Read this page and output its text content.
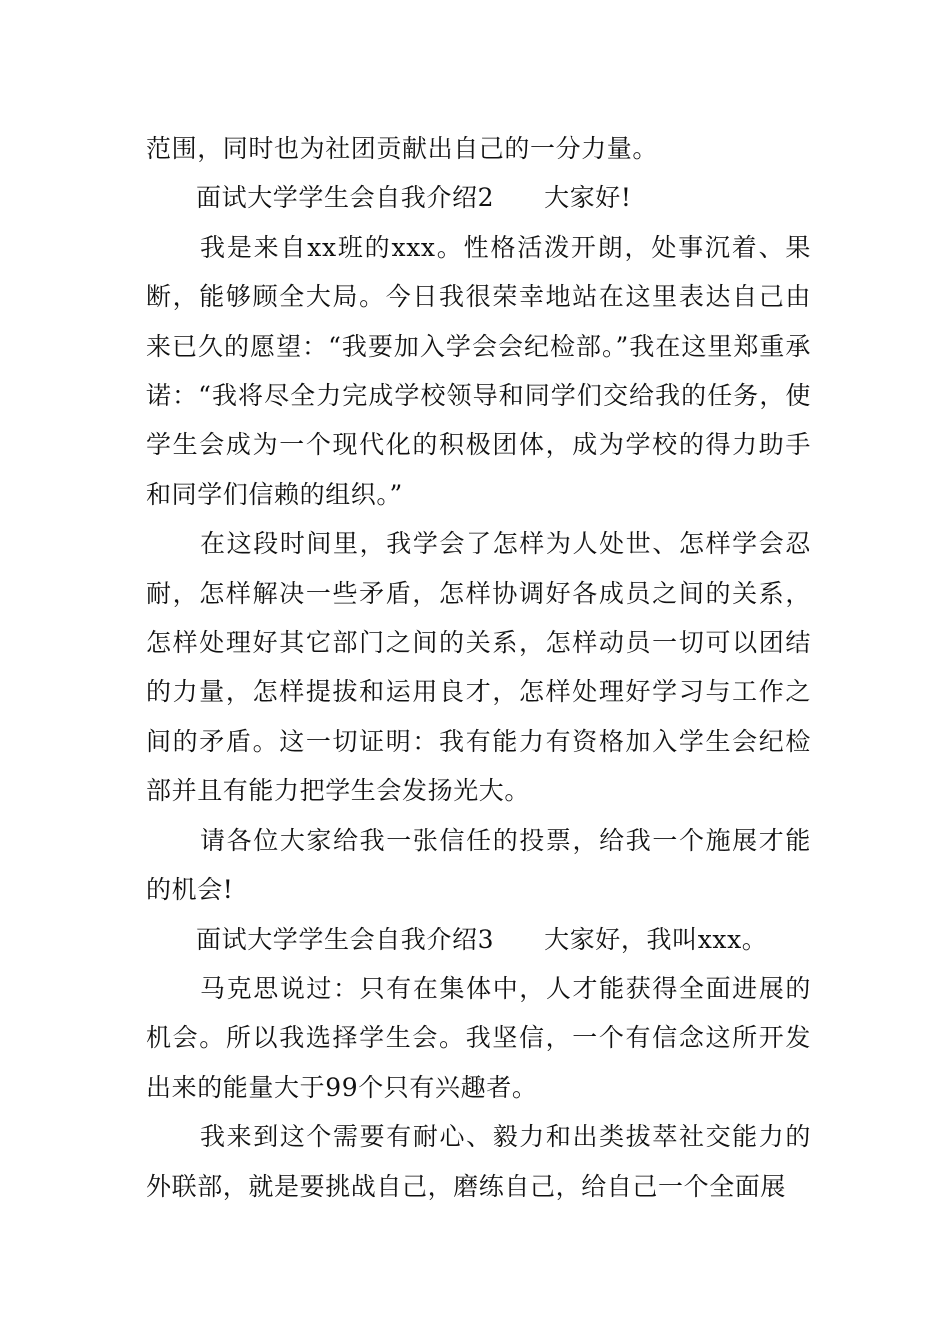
范围，同时也为社团贡献出自己的一分力量。

面试大学学生会自我介绍2 大家好!

我是来自xx班的xxx。性格活泼开朗，处事沉着、果断，能够顾全大局。今日我很荣幸地站在这里表达自己由来已久的愿望：“我要加入学会会纪检部。”我在这里郑重承诺：“我将尽全力完成学校领导和同学们交给我的任务，使学生会成为一个现代化的积极团体，成为学校的得力助手和同学们信赖的组织。”

在这段时间里，我学会了怎样为人处世、怎样学会忍耐，怎样解决一些矛盾，怎样协调好各成员之间的关系，怎样处理好其它部门之间的关系，怎样动员一切可以团结的力量，怎样提拔和运用良才，怎样处理好学习与工作之间的矛盾。这一切证明：我有能力有资格加入学生会纪检部并且有能力把学生会发扬光大。

请各位大家给我一张信任的投票，给我一个施展才能的机会!

面试大学学生会自我介绍3 大家好，我叫xxx。

马克思说过：只有在集体中，人才能获得全面进展的机会。所以我选择学生会。我坚信，一个有信念这所开发出来的能量大于99个只有兴趣者。

我来到这个需要有耐心、毅力和出类拔萃社交能力的外联部，就是要挑战自己，磨练自己，给自己一个全面展
